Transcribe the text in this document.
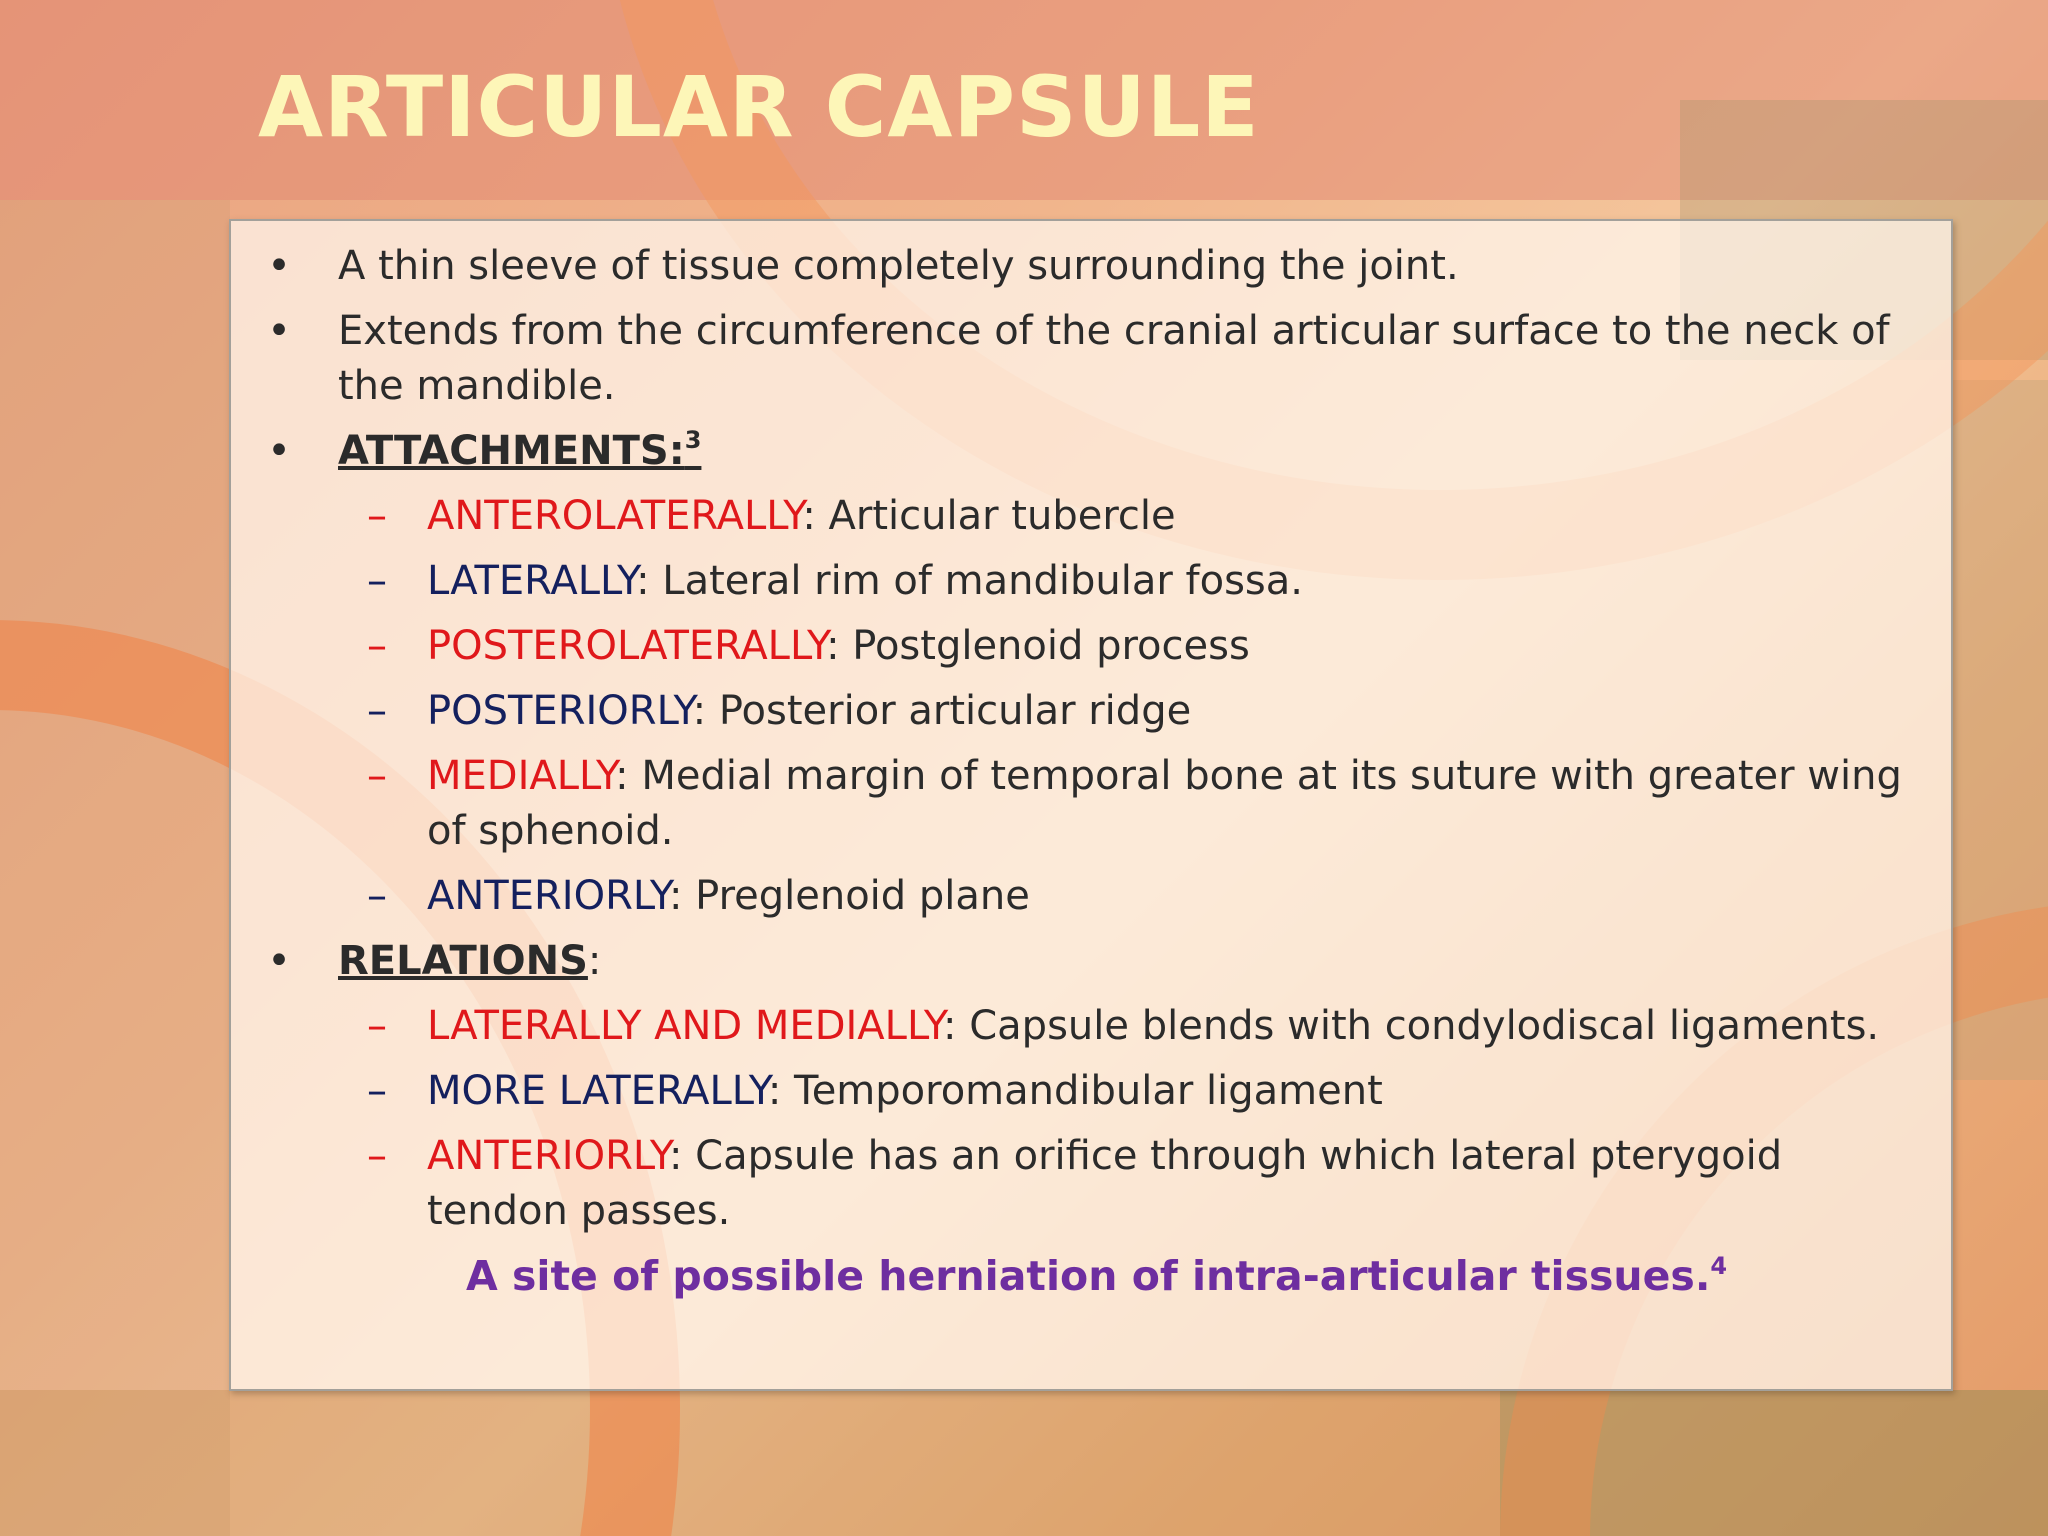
ARTICULAR CAPSULE
• A thin sleeve of tissue completely surrounding the joint.
• Extends from the circumference of the cranial articular surface to the neck of the mandible.
• ATTACHMENTS:$^3$
– ANTEROLATERALLY: Articular tubercle
– LATERALLY: Lateral rim of mandibular fossa.
– POSTEROLATERALLY: Postglenoid process
– POSTERIORLY: Posterior articular ridge
– MEDIALLY: Medial margin of temporal bone at its suture with greater wing of sphenoid.
– ANTERIORLY: Preglenoid plane
• RELATIONS:
– LATERALLY AND MEDIALLY: Capsule blends with condylodiscal ligaments.
– MORE LATERALLY: Temporomandibular ligament
– ANTERIORLY: Capsule has an orifice through which lateral pterygoid tendon passes.
A site of possible herniation of intra-articular tissues.$^4$
